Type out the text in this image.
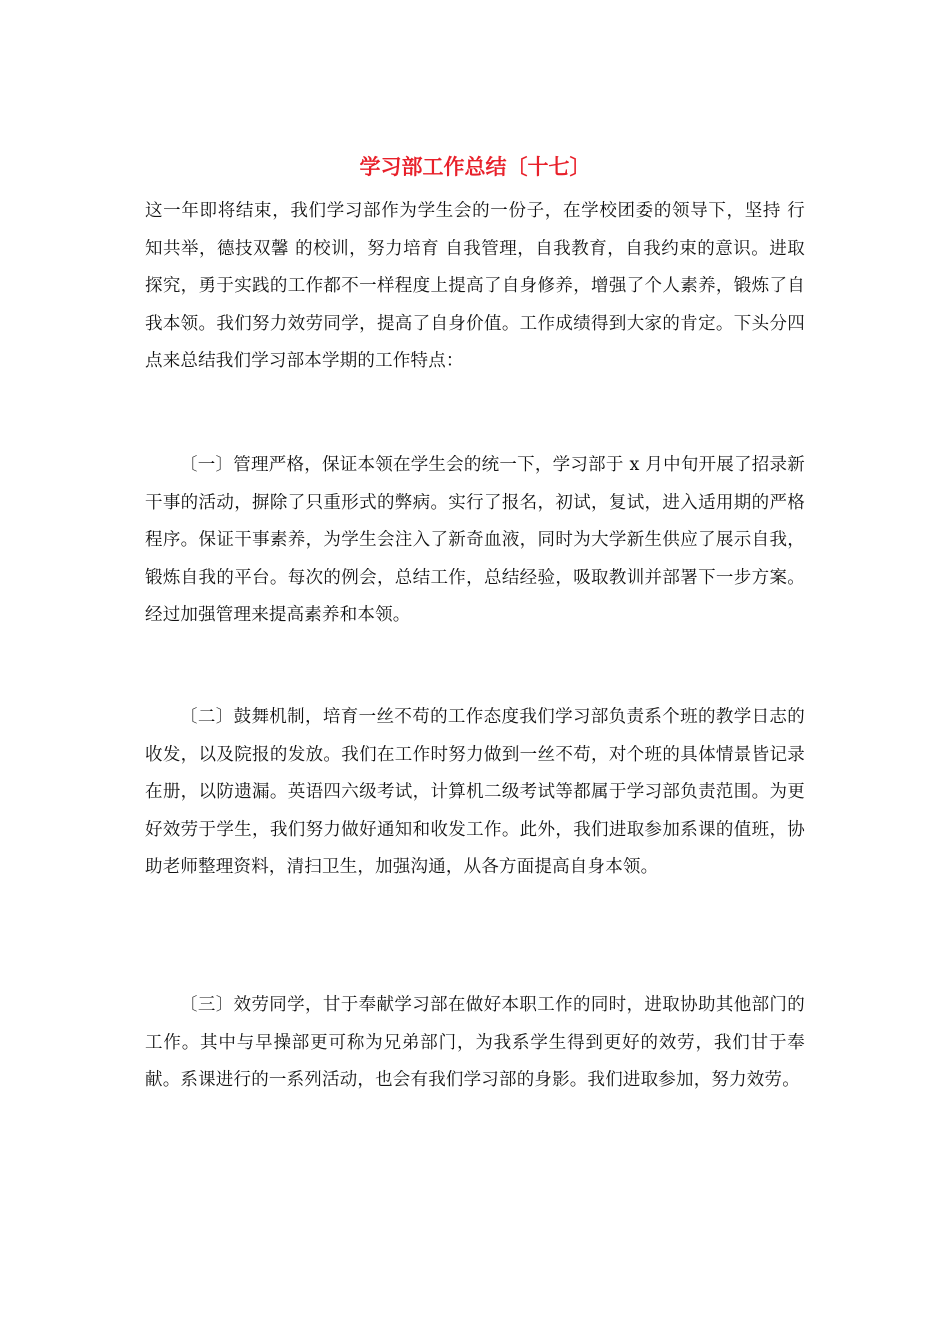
学习部工作总结〔十七〕

这一年即将结束，我们学习部作为学生会的一份子，在学校团委的领导下，坚持 行知共举，德技双馨 的校训，努力培育 自我管理，自我教育，自我约束的意识。进取探究，勇于实践的工作都不一样程度上提高了自身修养，增强了个人素养，锻炼了自我本领。我们努力效劳同学，提高了自身价值。工作成绩得到大家的肯定。下头分四点来总结我们学习部本学期的工作特点：

〔一〕管理严格，保证本领在学生会的统一下，学习部于 x 月中旬开展了招录新干事的活动，摒除了只重形式的弊病。实行了报名，初试，复试，进入适用期的严格程序。保证干事素养，为学生会注入了新奇血液，同时为大学新生供应了展示自我，锻炼自我的平台。每次的例会，总结工作，总结经验，吸取教训并部署下一步方案。经过加强管理来提高素养和本领。

〔二〕鼓舞机制，培育一丝不苟的工作态度我们学习部负责系个班的教学日志的收发，以及院报的发放。我们在工作时努力做到一丝不苟，对个班的具体情景皆记录在册，以防遗漏。英语四六级考试，计算机二级考试等都属于学习部负责范围。为更好效劳于学生，我们努力做好通知和收发工作。此外，我们进取参加系课的值班，协助老师整理资料，清扫卫生，加强沟通，从各方面提高自身本领。

〔三〕效劳同学，甘于奉献学习部在做好本职工作的同时，进取协助其他部门的工作。其中与早操部更可称为兄弟部门，为我系学生得到更好的效劳，我们甘于奉献。系课进行的一系列活动，也会有我们学习部的身影。我们进取参加，努力效劳。
